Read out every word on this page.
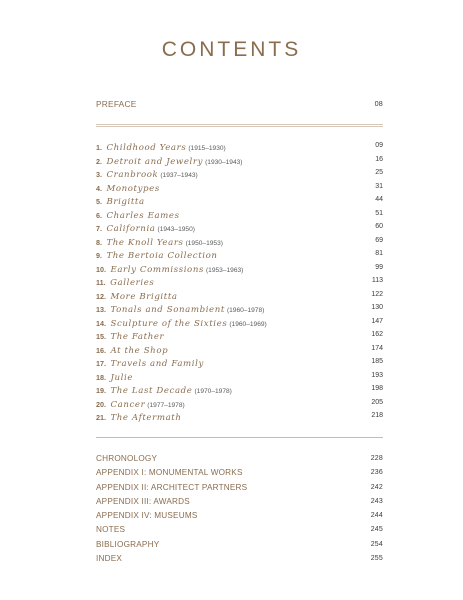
CONTENTS
PREFACE	08
1. Childhood Years (1915–1930)	09
2. Detroit and Jewelry (1930–1943)	16
3. Cranbrook (1937–1943)	25
4. Monotypes	31
5. Brigitta	44
6. Charles Eames	51
7. California (1943–1950)	60
8. The Knoll Years (1950–1953)	69
9. The Bertoia Collection	81
10. Early Commissions (1953–1963)	99
11. Galleries	113
12. More Brigitta	122
13. Tonals and Sonambient (1960–1978)	130
14. Sculpture of the Sixties (1960–1969)	147
15. The Father	162
16. At the Shop	174
17. Travels and Family	185
18. Julie	193
19. The Last Decade (1970–1978)	198
20. Cancer (1977–1978)	205
21. The Aftermath	218
CHRONOLOGY	228
APPENDIX I: MONUMENTAL WORKS	236
APPENDIX II: ARCHITECT PARTNERS	242
APPENDIX III: AWARDS	243
APPENDIX IV: MUSEUMS	244
NOTES	245
BIBLIOGRAPHY	254
INDEX	255
